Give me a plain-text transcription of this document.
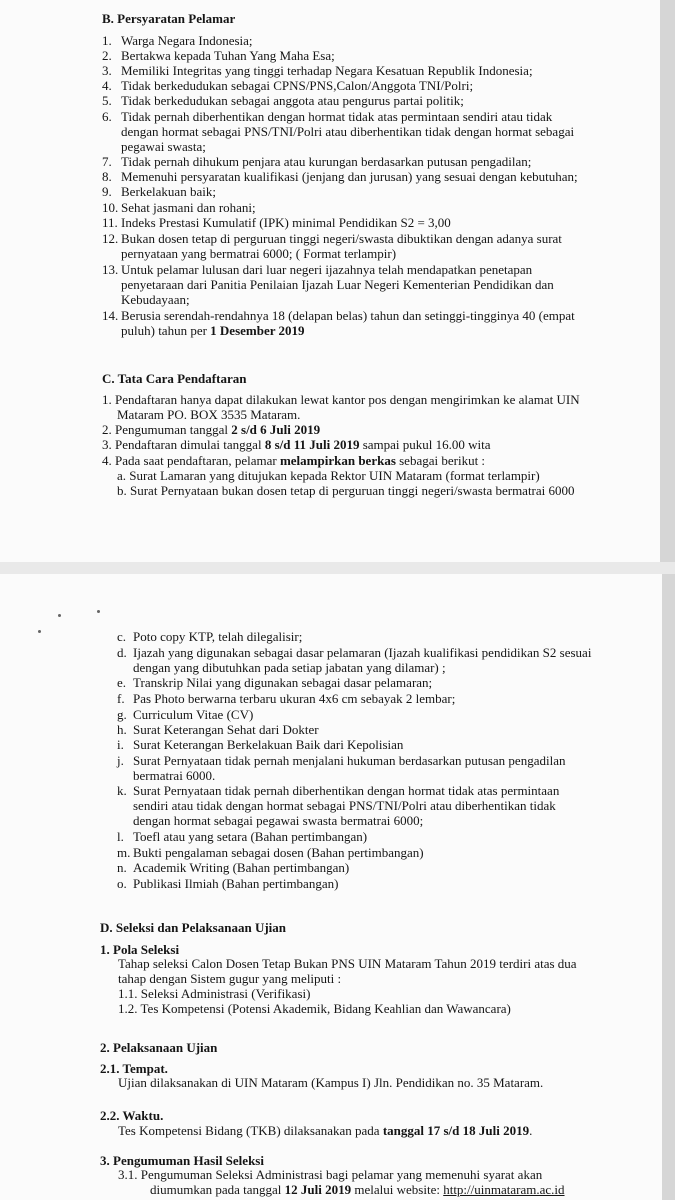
B. Persyaratan Pelamar
1. Warga Negara Indonesia;
2. Bertakwa kepada Tuhan Yang Maha Esa;
3. Memiliki Integritas yang tinggi terhadap Negara Kesatuan Republik Indonesia;
4. Tidak berkedudukan sebagai CPNS/PNS,Calon/Anggota TNI/Polri;
5. Tidak berkedudukan sebagai anggota atau pengurus partai politik;
6. Tidak pernah diberhentikan dengan hormat tidak atas permintaan sendiri atau tidak
dengan hormat sebagai PNS/TNI/Polri atau diberhentikan tidak dengan hormat sebagai
pegawai swasta;
7. Tidak pernah dihukum penjara atau kurungan berdasarkan putusan pengadilan;
8. Memenuhi persyaratan kualifikasi (jenjang dan jurusan) yang sesuai dengan kebutuhan;
9. Berkelakuan baik;
10. Sehat jasmani dan rohani;
11. Indeks Prestasi Kumulatif (IPK) minimal Pendidikan S2 = 3,00
12. Bukan dosen tetap di perguruan tinggi negeri/swasta dibuktikan dengan adanya surat
pernyataan yang bermatrai 6000; ( Format terlampir)
13. Untuk pelamar lulusan dari luar negeri ijazahnya telah mendapatkan penetapan
penyetaraan dari Panitia Penilaian Ijazah Luar Negeri Kementerian Pendidikan dan
Kebudayaan;
14. Berusia serendah-rendahnya 18 (delapan belas) tahun dan setinggi-tingginya 40 (empat
puluh) tahun per 1 Desember 2019
C. Tata Cara Pendaftaran
1. Pendaftaran hanya dapat dilakukan lewat kantor pos dengan mengirimkan ke alamat UIN
Mataram PO. BOX 3535 Mataram.
2. Pengumuman tanggal 2 s/d 6 Juli 2019
3. Pendaftaran dimulai tanggal 8 s/d 11 Juli 2019 sampai pukul 16.00 wita
4. Pada saat pendaftaran, pelamar melampirkan berkas sebagai berikut :
a. Surat Lamaran yang ditujukan kepada Rektor UIN Mataram (format terlampir)
b. Surat Pernyataan bukan dosen tetap di perguruan tinggi negeri/swasta bermatrai 6000
c. Poto copy KTP, telah dilegalisir;
d. Ijazah yang digunakan sebagai dasar pelamaran (Ijazah kualifikasi pendidikan S2 sesuai
dengan yang dibutuhkan pada setiap jabatan yang dilamar) ;
e. Transkrip Nilai yang digunakan sebagai dasar pelamaran;
f. Pas Photo berwarna terbaru ukuran 4x6 cm sebayak 2 lembar;
g. Curriculum Vitae (CV)
h. Surat Keterangan Sehat dari Dokter
i. Surat Keterangan Berkelakuan Baik dari Kepolisian
j. Surat Pernyataan tidak pernah menjalani hukuman berdasarkan putusan pengadilan
bermatrai 6000.
k. Surat Pernyataan tidak pernah diberhentikan dengan hormat tidak atas permintaan
sendiri atau tidak dengan hormat sebagai PNS/TNI/Polri atau diberhentikan tidak
dengan hormat sebagai pegawai swasta bermatrai 6000;
l. Toefl atau yang setara (Bahan pertimbangan)
m. Bukti pengalaman sebagai dosen (Bahan pertimbangan)
n. Academik Writing (Bahan pertimbangan)
o. Publikasi Ilmiah (Bahan pertimbangan)
D. Seleksi dan Pelaksanaan Ujian
1. Pola Seleksi
Tahap seleksi Calon Dosen Tetap Bukan PNS UIN Mataram Tahun 2019 terdiri atas dua
tahap dengan Sistem gugur yang meliputi :
1.1. Seleksi Administrasi (Verifikasi)
1.2. Tes Kompetensi (Potensi Akademik, Bidang Keahlian dan Wawancara)
2. Pelaksanaan Ujian
2.1. Tempat.
Ujian dilaksanakan di UIN Mataram (Kampus I) Jln. Pendidikan no. 35 Mataram.
2.2. Waktu.
Tes Kompetensi Bidang (TKB) dilaksanakan pada tanggal 17 s/d 18 Juli 2019.
3. Pengumuman Hasil Seleksi
3.1. Pengumuman Seleksi Administrasi bagi pelamar yang memenuhi syarat akan
diumumkan pada tanggal 12 Juli 2019 melalui website: http://uinmataram.ac.id
